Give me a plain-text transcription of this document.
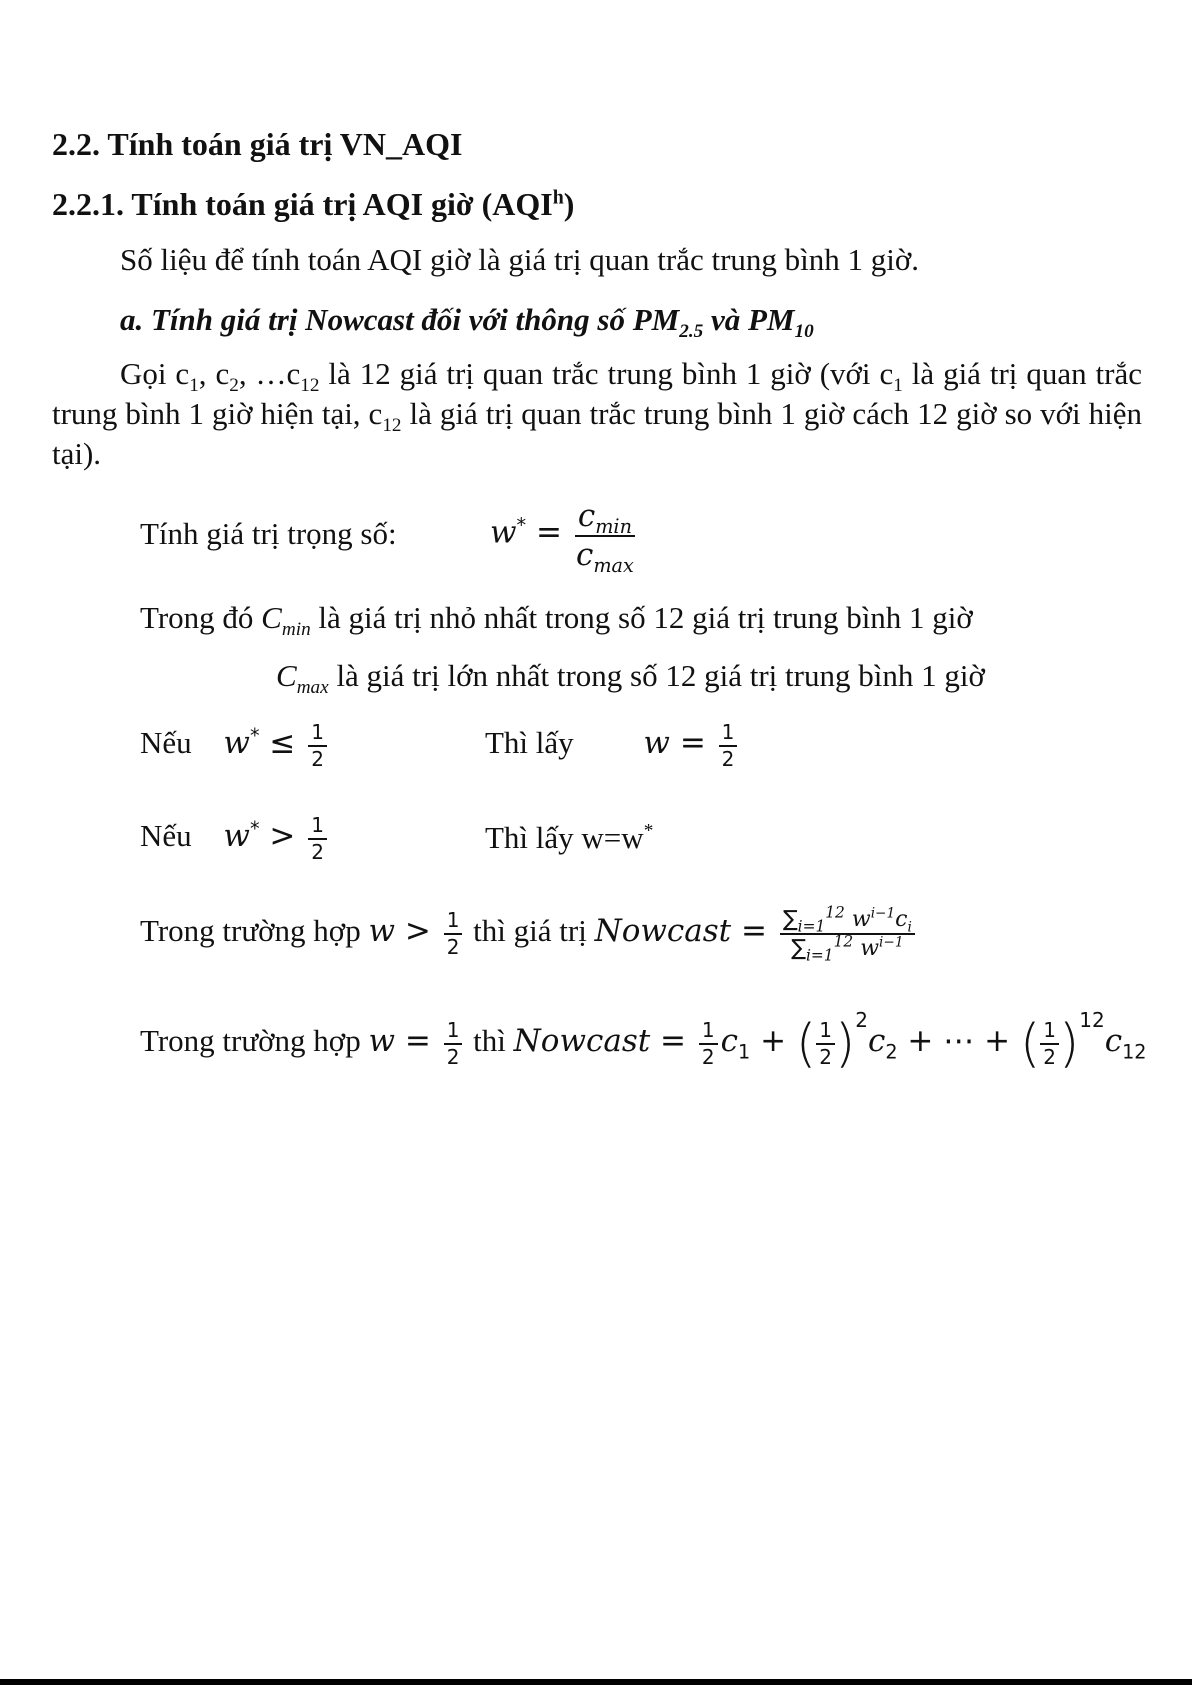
2.2. Tính toán giá trị VN_AQI
2.2.1. Tính toán giá trị AQI giờ (AQI$^h$)
Số liệu để tính toán AQI giờ là giá trị quan trắc trung bình 1 giờ.
a. Tính giá trị Nowcast đối với thông số $PM_{2.5}$ và $PM_{10}$
Gọi $c_1$, $c_2$, $\dots c_{12}$ là 12 giá trị quan trắc trung bình 1 giờ (với $c_1$ là giá trị quan trắc trung bình 1 giờ hiện tại, $c_{12}$ là giá trị quan trắc trung bình 1 giờ cách 12 giờ so với hiện tại).
Tính giá trị trọng số:	$w^* = \frac{c_{min}}{c_{max}}$
Trong đó $C_{min}$ là giá trị nhỏ nhất trong số 12 giá trị trung bình 1 giờ
$C_{max}$ là giá trị lớn nhất trong số 12 giá trị trung bình 1 giờ
Nếu $w^* \le \frac{1}{2}$	Thì lấy $w = \frac{1}{2}$
Nếu $w^* > \frac{1}{2}$	Thì lấy w=w*
Trong trường hợp $w > \frac{1}{2}$ thì giá trị Nowcast = $\frac{\sum_{i=1}^{12} w^{i-1}c_i}{\sum_{i=1}^{12} w^{i-1}}$
Trong trường hợp $w = \frac{1}{2}$ thì Nowcast = $\frac{1}{2} c_1$ + ( $\frac{1}{2} )^2c_2$ + ⋯ + ( $\frac{1}{2} )^{12}c_{12}$
